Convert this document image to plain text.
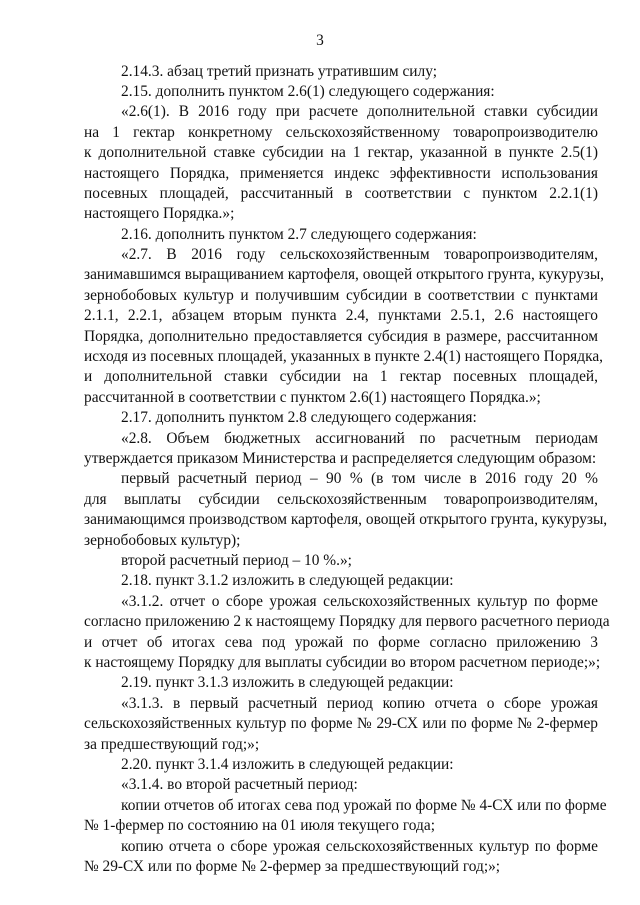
3
2.14.3. абзац третий признать утратившим силу;
2.15. дополнить пунктом 2.6(1) следующего содержания:
«2.6(1). В 2016 году при расчете дополнительной ставки субсидии
на 1 гектар конкретному сельскохозяйственному товаропроизводителю
к дополнительной ставке субсидии на 1 гектар, указанной в пункте 2.5(1)
настоящего Порядка, применяется индекс эффективности использования
посевных площадей, рассчитанный в соответствии с пунктом 2.2.1(1)
настоящего Порядка.»;
2.16. дополнить пунктом 2.7 следующего содержания:
«2.7. В 2016 году сельскохозяйственным товаропроизводителям,
занимавшимся выращиванием картофеля, овощей открытого грунта, кукурузы,
зернобобовых культур и получившим субсидии в соответствии с пунктами
2.1.1, 2.2.1, абзацем вторым пункта 2.4, пунктами 2.5.1, 2.6 настоящего
Порядка, дополнительно предоставляется субсидия в размере, рассчитанном
исходя из посевных площадей, указанных в пункте 2.4(1) настоящего Порядка,
и дополнительной ставки субсидии на 1 гектар посевных площадей,
рассчитанной в соответствии с пунктом 2.6(1) настоящего Порядка.»;
2.17. дополнить пунктом 2.8 следующего содержания:
«2.8. Объем бюджетных ассигнований по расчетным периодам
утверждается приказом Министерства и распределяется следующим образом:
первый расчетный период – 90 % (в том числе в 2016 году 20 %
для выплаты субсидии сельскохозяйственным товаропроизводителям,
занимающимся производством картофеля, овощей открытого грунта, кукурузы,
зернобобовых культур);
второй расчетный период – 10 %.»;
2.18. пункт 3.1.2 изложить в следующей редакции:
«3.1.2. отчет о сборе урожая сельскохозяйственных культур по форме
согласно приложению 2 к настоящему Порядку для первого расчетного периода
и отчет об итогах сева под урожай по форме согласно приложению 3
к настоящему Порядку для выплаты субсидии во втором расчетном периоде;»;
2.19. пункт 3.1.3 изложить в следующей редакции:
«3.1.3. в первый расчетный период копию отчета о сборе урожая
сельскохозяйственных культур по форме № 29-СХ или по форме № 2-фермер
за предшествующий год;»;
2.20. пункт 3.1.4 изложить в следующей редакции:
«3.1.4. во второй расчетный период:
копии отчетов об итогах сева под урожай по форме № 4-СХ или по форме
№ 1-фермер по состоянию на 01 июля текущего года;
копию отчета о сборе урожая сельскохозяйственных культур по форме
№ 29-СХ или по форме № 2-фермер за предшествующий год;»;
